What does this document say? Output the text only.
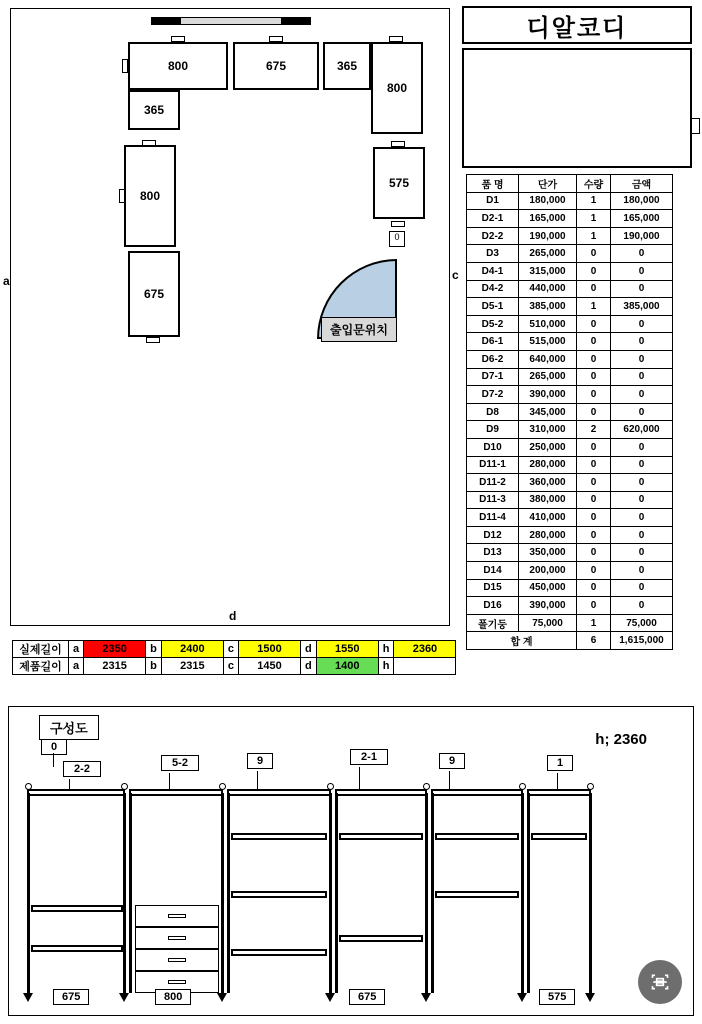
800	675	365
800
365
800
675
575
0
출입문위치
a
d
c
실제길이	a	2350	b	2400	c	1500	d	1550	h	2360
제품길이	a	2315	b	2315	c	1450	d	1400	h	
디알코디
품 명	단가	수량	금액
D1	180,000	1	180,000
D2-1	165,000	1	165,000
D2-2	190,000	1	190,000
D3	265,000	0	0
D4-1	315,000	0	0
D4-2	440,000	0	0
D5-1	385,000	1	385,000
D5-2	510,000	0	0
D6-1	515,000	0	0
D6-2	640,000	0	0
D7-1	265,000	0	0
D7-2	390,000	0	0
D8	345,000	0	0
D9	310,000	2	620,000
D10	250,000	0	0
D11-1	280,000	0	0
D11-2	360,000	0	0
D11-3	380,000	0	0
D11-4	410,000	0	0
D12	280,000	0	0
D13	350,000	0	0
D14	200,000	0	0
D15	450,000	0	0
D16	390,000	0	0
폴기둥	75,000	1	75,000
합 계		6	1,615,000
구성도
h; 2360
0
2-2	5-2	9	2-1	9	1
675	800	675	575
